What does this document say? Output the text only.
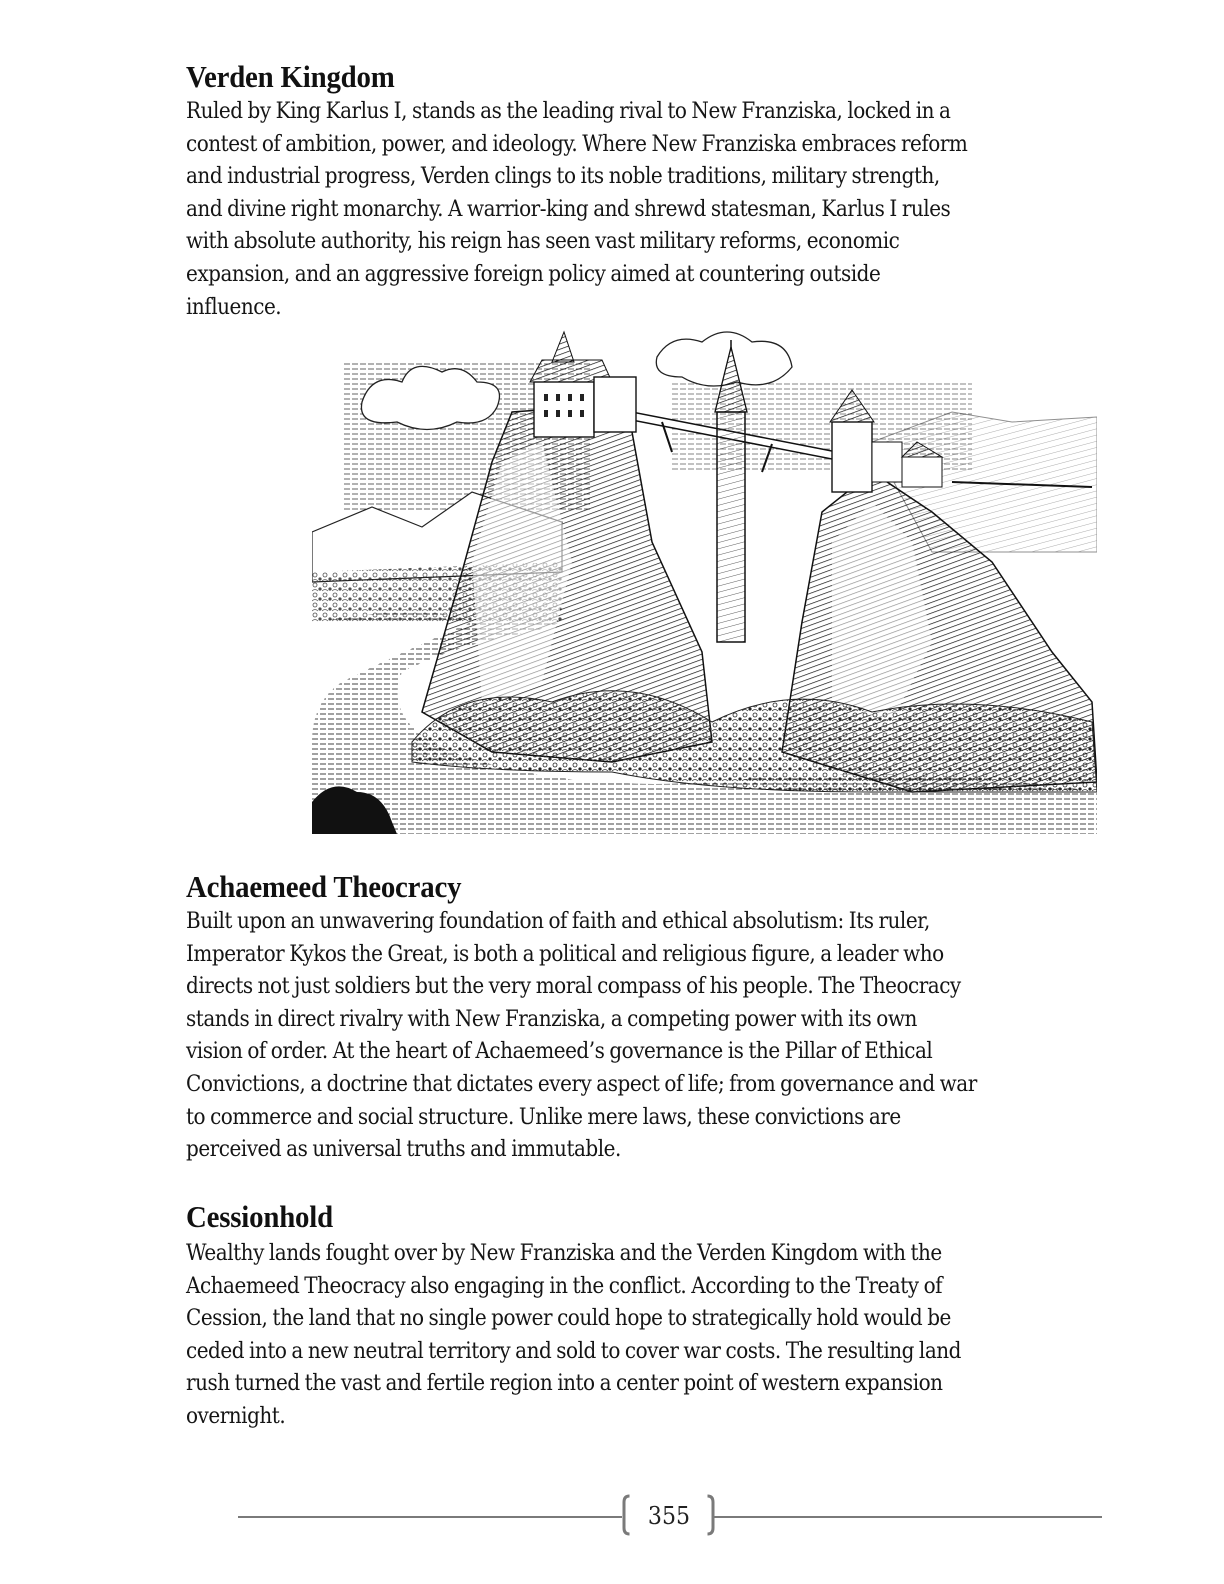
Verden Kingdom

Ruled by King Karlus I, stands as the leading rival to New Franziska, locked in a
contest of ambition, power, and ideology. Where New Franziska embraces reform
and industrial progress, Verden clings to its noble traditions, military strength,
and divine right monarchy. A warrior-king and shrewd statesman, Karlus I rules
with absolute authority, his reign has seen vast military reforms, economic
expansion, and an aggressive foreign policy aimed at countering outside
influence.

Achaemeed Theocracy

Built upon an unwavering foundation of faith and ethical absolutism: Its ruler,
Imperator Kykos the Great, is both a political and religious figure, a leader who
directs not just soldiers but the very moral compass of his people. The Theocracy
stands in direct rivalry with New Franziska, a competing power with its own
vision of order. At the heart of Achaemeed’s governance is the Pillar of Ethical
Convictions, a doctrine that dictates every aspect of life; from governance and war
to commerce and social structure. Unlike mere laws, these convictions are
perceived as universal truths and immutable.

Cessionhold

Wealthy lands fought over by New Franziska and the Verden Kingdom with the
Achaemeed Theocracy also engaging in the conflict. According to the Treaty of
Cession, the land that no single power could hope to strategically hold would be
ceded into a new neutral territory and sold to cover war costs. The resulting land
rush turned the vast and fertile region into a center point of western expansion
overnight.

355
